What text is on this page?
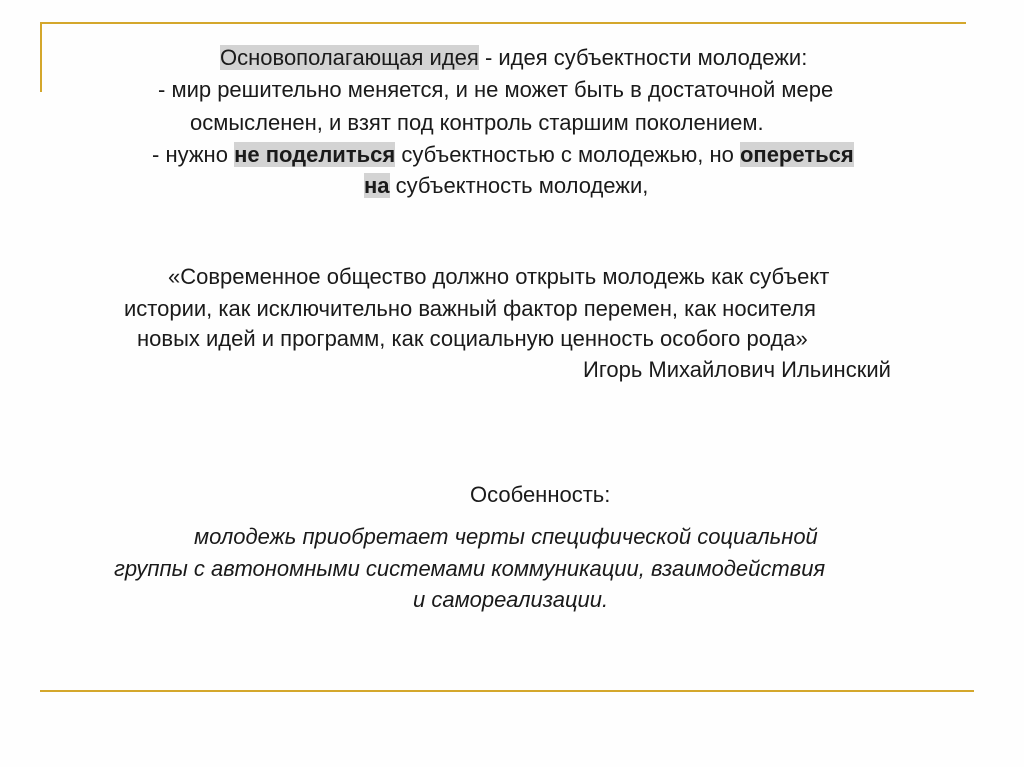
Основополагающая идея - идея субъектности молодежи:
- мир решительно меняется, и не может быть в достаточной мере
осмысленен, и взят под контроль старшим поколением.
- нужно не поделиться субъектностью с молодежью, но опереться
на субъектность молодежи,
«Современное общество должно открыть молодежь как субъект
истории, как исключительно важный фактор перемен, как носителя
новых идей и программ, как социальную ценность особого рода»
Игорь Михайлович Ильинский
Особенность:
молодежь приобретает черты специфической социальной
группы с автономными системами коммуникации, взаимодействия
и самореализации.
